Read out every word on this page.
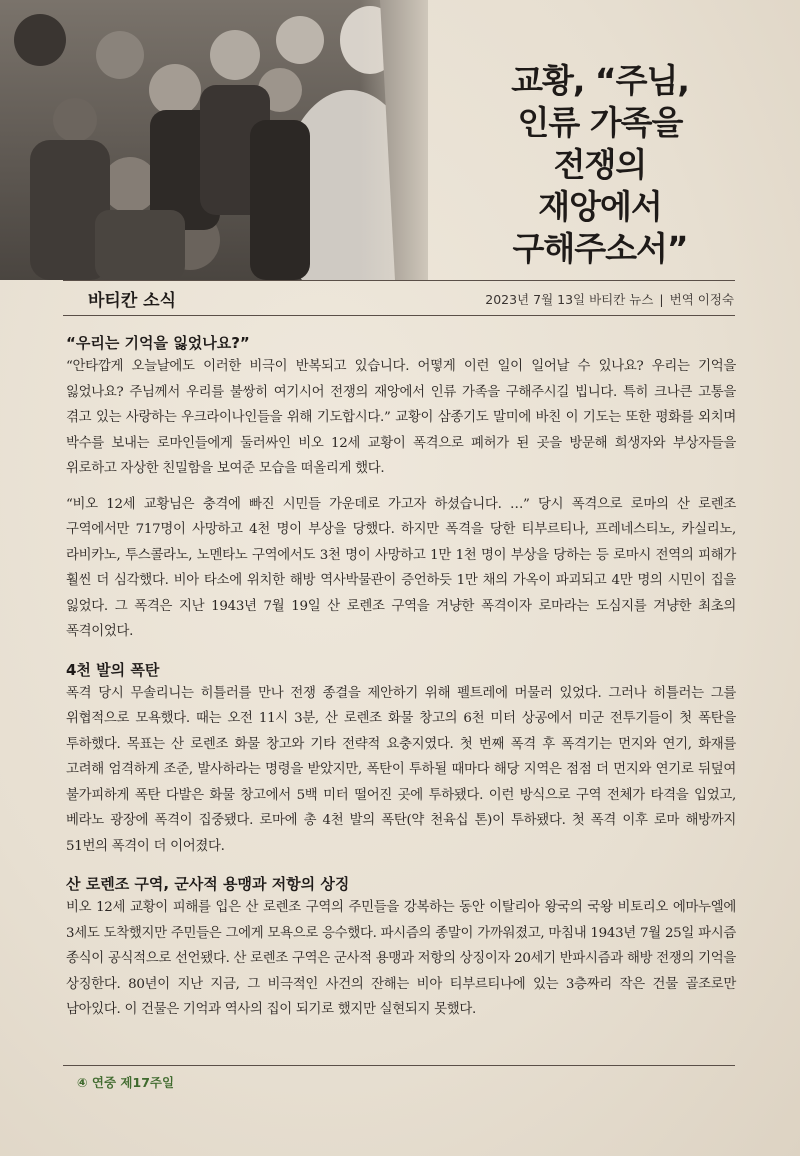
교황, “주님,
인류 가족을
전쟁의
재앙에서
구해주소서”
바티칸 소식	2023년 7월 13일 바티칸 뉴스 | 번역 이정숙
“우리는 기억을 잃었나요?”

“안타깝게 오늘날에도 이러한 비극이 반복되고 있습니다. 어떻게 이런 일이 일어날 수 있나요? 우리는 기억을 잃었나요? 주님께서 우리를 불쌍히 여기시어 전쟁의 재앙에서 인류 가족을 구해주시길 빕니다. 특히 크나큰 고통을 겪고 있는 사랑하는 우크라이나인들을 위해 기도합시다.” 교황이 삼종기도 말미에 바친 이 기도는 또한 평화를 외치며 박수를 보내는 로마인들에게 둘러싸인 비오 12세 교황이 폭격으로 폐허가 된 곳을 방문해 희생자와 부상자들을 위로하고 자상한 친밀함을 보여준 모습을 떠올리게 했다.

“비오 12세 교황님은 충격에 빠진 시민들 가운데로 가고자 하셨습니다. …” 당시 폭격으로 로마의 산 로렌조 구역에서만 717명이 사망하고 4천 명이 부상을 당했다. 하지만 폭격을 당한 티부르티나, 프레네스티노, 카실리노, 라비카노, 투스콜라노, 노멘타노 구역에서도 3천 명이 사망하고 1만 1천 명이 부상을 당하는 등 로마시 전역의 피해가 훨씬 더 심각했다. 비아 타소에 위치한 해방 역사박물관이 증언하듯 1만 채의 가옥이 파괴되고 4만 명의 시민이 집을 잃었다. 그 폭격은 지난 1943년 7월 19일 산 로렌조 구역을 겨냥한 폭격이자 로마라는 도심지를 겨냥한 최초의 폭격이었다.

4천 발의 폭탄

폭격 당시 무솔리니는 히틀러를 만나 전쟁 종결을 제안하기 위해 펠트레에 머물러 있었다. 그러나 히틀러는 그를 위협적으로 모욕했다. 때는 오전 11시 3분, 산 로렌조 화물 창고의 6천 미터 상공에서 미군 전투기들이 첫 폭탄을 투하했다. 목표는 산 로렌조 화물 창고와 기타 전략적 요충지였다. 첫 번째 폭격 후 폭격기는 먼지와 연기, 화재를 고려해 엄격하게 조준, 발사하라는 명령을 받았지만, 폭탄이 투하될 때마다 해당 지역은 점점 더 먼지와 연기로 뒤덮여 불가피하게 폭탄 다발은 화물 창고에서 5백 미터 떨어진 곳에 투하됐다. 이런 방식으로 구역 전체가 타격을 입었고, 베라노 광장에 폭격이 집중됐다. 로마에 총 4천 발의 폭탄(약 천육십 톤)이 투하됐다. 첫 폭격 이후 로마 해방까지 51번의 폭격이 더 이어졌다.

산 로렌조 구역, 군사적 용맹과 저항의 상징

비오 12세 교황이 피해를 입은 산 로렌조 구역의 주민들을 강복하는 동안 이탈리아 왕국의 국왕 비토리오 에마누엘에 3세도 도착했지만 주민들은 그에게 모욕으로 응수했다. 파시즘의 종말이 가까워졌고, 마침내 1943년 7월 25일 파시즘 종식이 공식적으로 선언됐다. 산 로렌조 구역은 군사적 용맹과 저항의 상징이자 20세기 반파시즘과 해방 전쟁의 기억을 상징한다. 80년이 지난 지금, 그 비극적인 사건의 잔해는 비아 티부르티나에 있는 3층짜리 작은 건물 골조로만 남아있다. 이 건물은 기억과 역사의 집이 되기로 했지만 실현되지 못했다.

④ 연중 제17주일
